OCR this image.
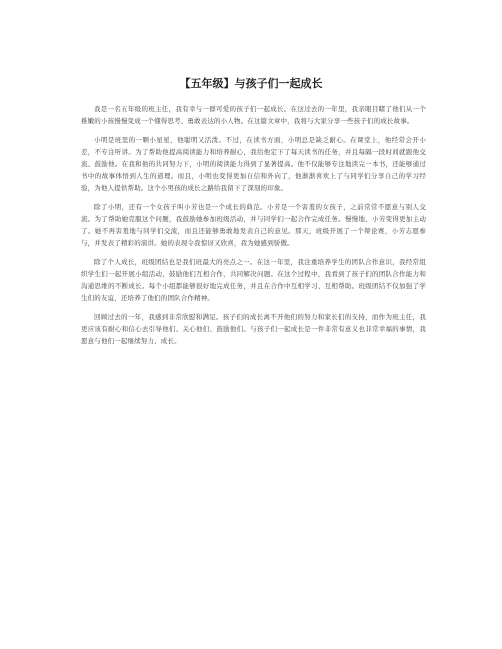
【五年级】与孩子们一起成长

我是一名五年级的班主任，我有幸与一群可爱的孩子们一起成长。在这过去的一年里，我亲眼目睹了他们从一个稚嫩的小孩慢慢变成一个懂得思考、勇敢表达的小人物。在这篇文章中，我将与大家分享一些孩子们的成长故事。

小明是班里的一颗小星星，他聪明又活泼。不过，在读书方面，小明总是缺乏耐心。在课堂上，他经常会开小差，不专注听讲。为了帮助他提高阅读能力和培养耐心，我给他定下了每天读书的任务，并且每隔一段时间就跟他交流、鼓励他。在我和他的共同努力下，小明的阅读能力得到了显著提高。他不仅能够专注地读完一本书，还能够通过书中的故事体悟到人生的道理。而且，小明也变得更加自信和外向了，他渐渐喜欢上了与同学们分享自己的学习经验，为他人提供帮助。这个小男孩的成长之路给我留下了深刻的印象。

除了小明，还有一个女孩子叫小芳也是一个成长的典范。小芳是一个害羞的女孩子，之前常常不愿意与别人交流。为了帮助她克服这个问题，我鼓励她参加班级活动，并与同学们一起合作完成任务。慢慢地，小芳变得更加主动了。她不再害羞地与同学们交流，而且还能够勇敢地发表自己的意见。那天，班级开展了一个辩论赛，小芳志愿参与，并发表了精彩的演讲。她的表现令我惊讶又欣喜，我为她感到骄傲。

除了个人成长，班级团结也是我们班最大的亮点之一。在这一年里，我注重培养学生的团队合作意识，我经常组织学生们一起开展小组活动，鼓励他们互相合作，共同解决问题。在这个过程中，我看到了孩子们的团队合作能力和沟通思维的不断成长。每个小组都能够很好地完成任务，并且在合作中互相学习、互相帮助。班级团结不仅加强了学生们的友谊，还培养了他们的团队合作精神。

回顾过去的一年，我感到非常欣慰和满足。孩子们的成长离不开他们的努力和家长们的支持，而作为班主任，我更应该有耐心和信心去引导他们、关心他们、鼓励他们。与孩子们一起成长是一件非常有意义也非常幸福的事情，我愿意与他们一起继续努力、成长。
